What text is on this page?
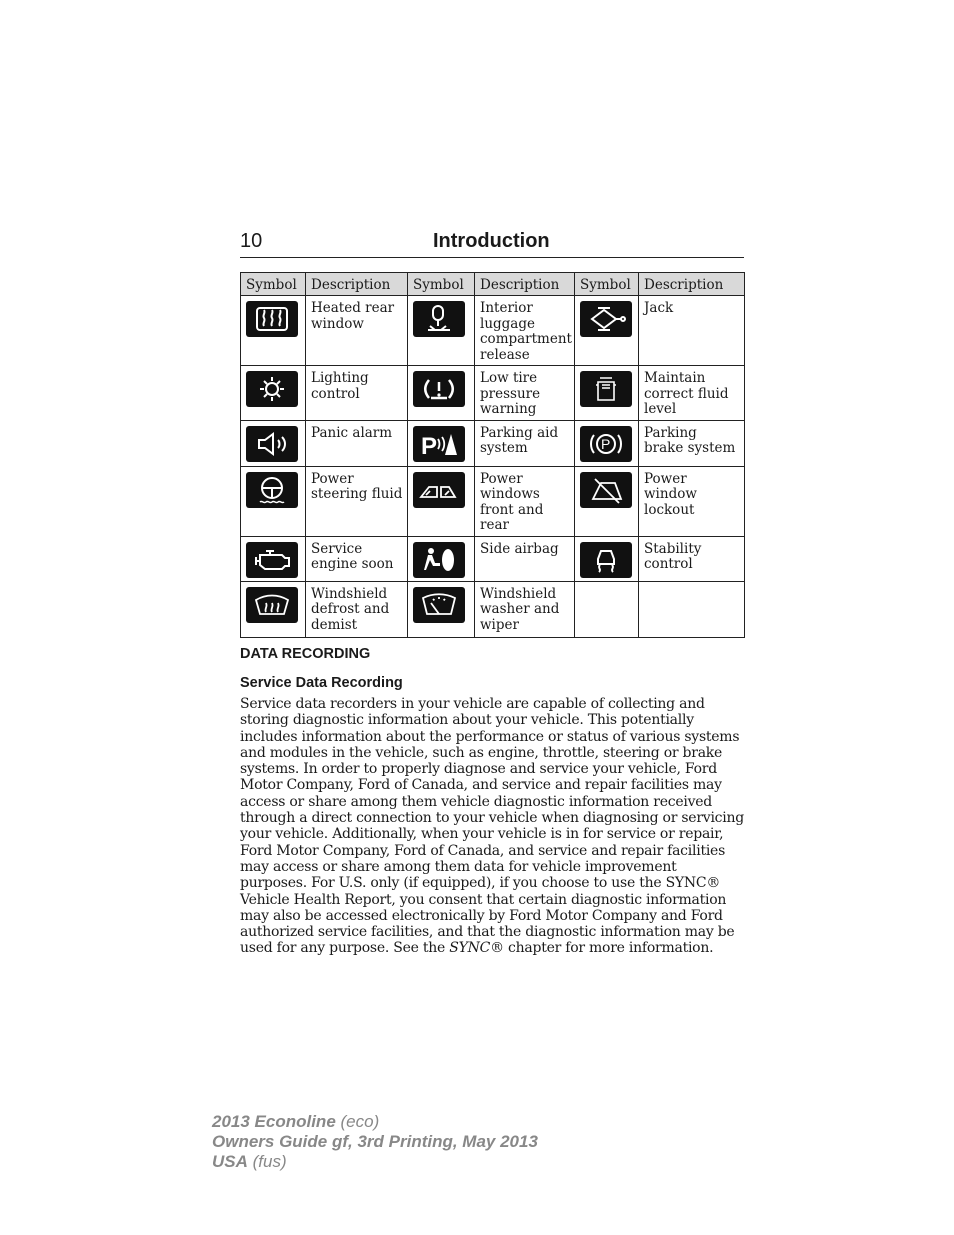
10	Introduction
Symbol	Description	Symbol	Description	Symbol	Description

	Heated rear window		Interior luggage compartment release		Jack

	Lighting control		Low tire pressure warning		Maintain correct fluid level

	Panic alarm	P	Parking aid system	P	Parking brake system

	Power steering fluid		Power windows front and rear		Power window lockout

	Service engine soon		Side airbag		Stability control

	Windshield defrost and demist		Windshield washer and wiper		
DATA RECORDING
Service Data Recording
Service data recorders in your vehicle are capable of collecting and storing diagnostic information about your vehicle. This potentially includes information about the performance or status of various systems and modules in the vehicle, such as engine, throttle, steering or brake systems. In order to properly diagnose and service your vehicle, Ford Motor Company, Ford of Canada, and service and repair facilities may access or share among them vehicle diagnostic information received through a direct connection to your vehicle when diagnosing or servicing your vehicle. Additionally, when your vehicle is in for service or repair, Ford Motor Company, Ford of Canada, and service and repair facilities may access or share among them data for vehicle improvement purposes. For U.S. only (if equipped), if you choose to use the SYNC® Vehicle Health Report, you consent that certain diagnostic information may also be accessed electronically by Ford Motor Company and Ford authorized service facilities, and that the diagnostic information may be used for any purpose. See the SYNC® chapter for more information.
2013 Econoline (eco)
Owners Guide gf, 3rd Printing, May 2013
USA (fus)
